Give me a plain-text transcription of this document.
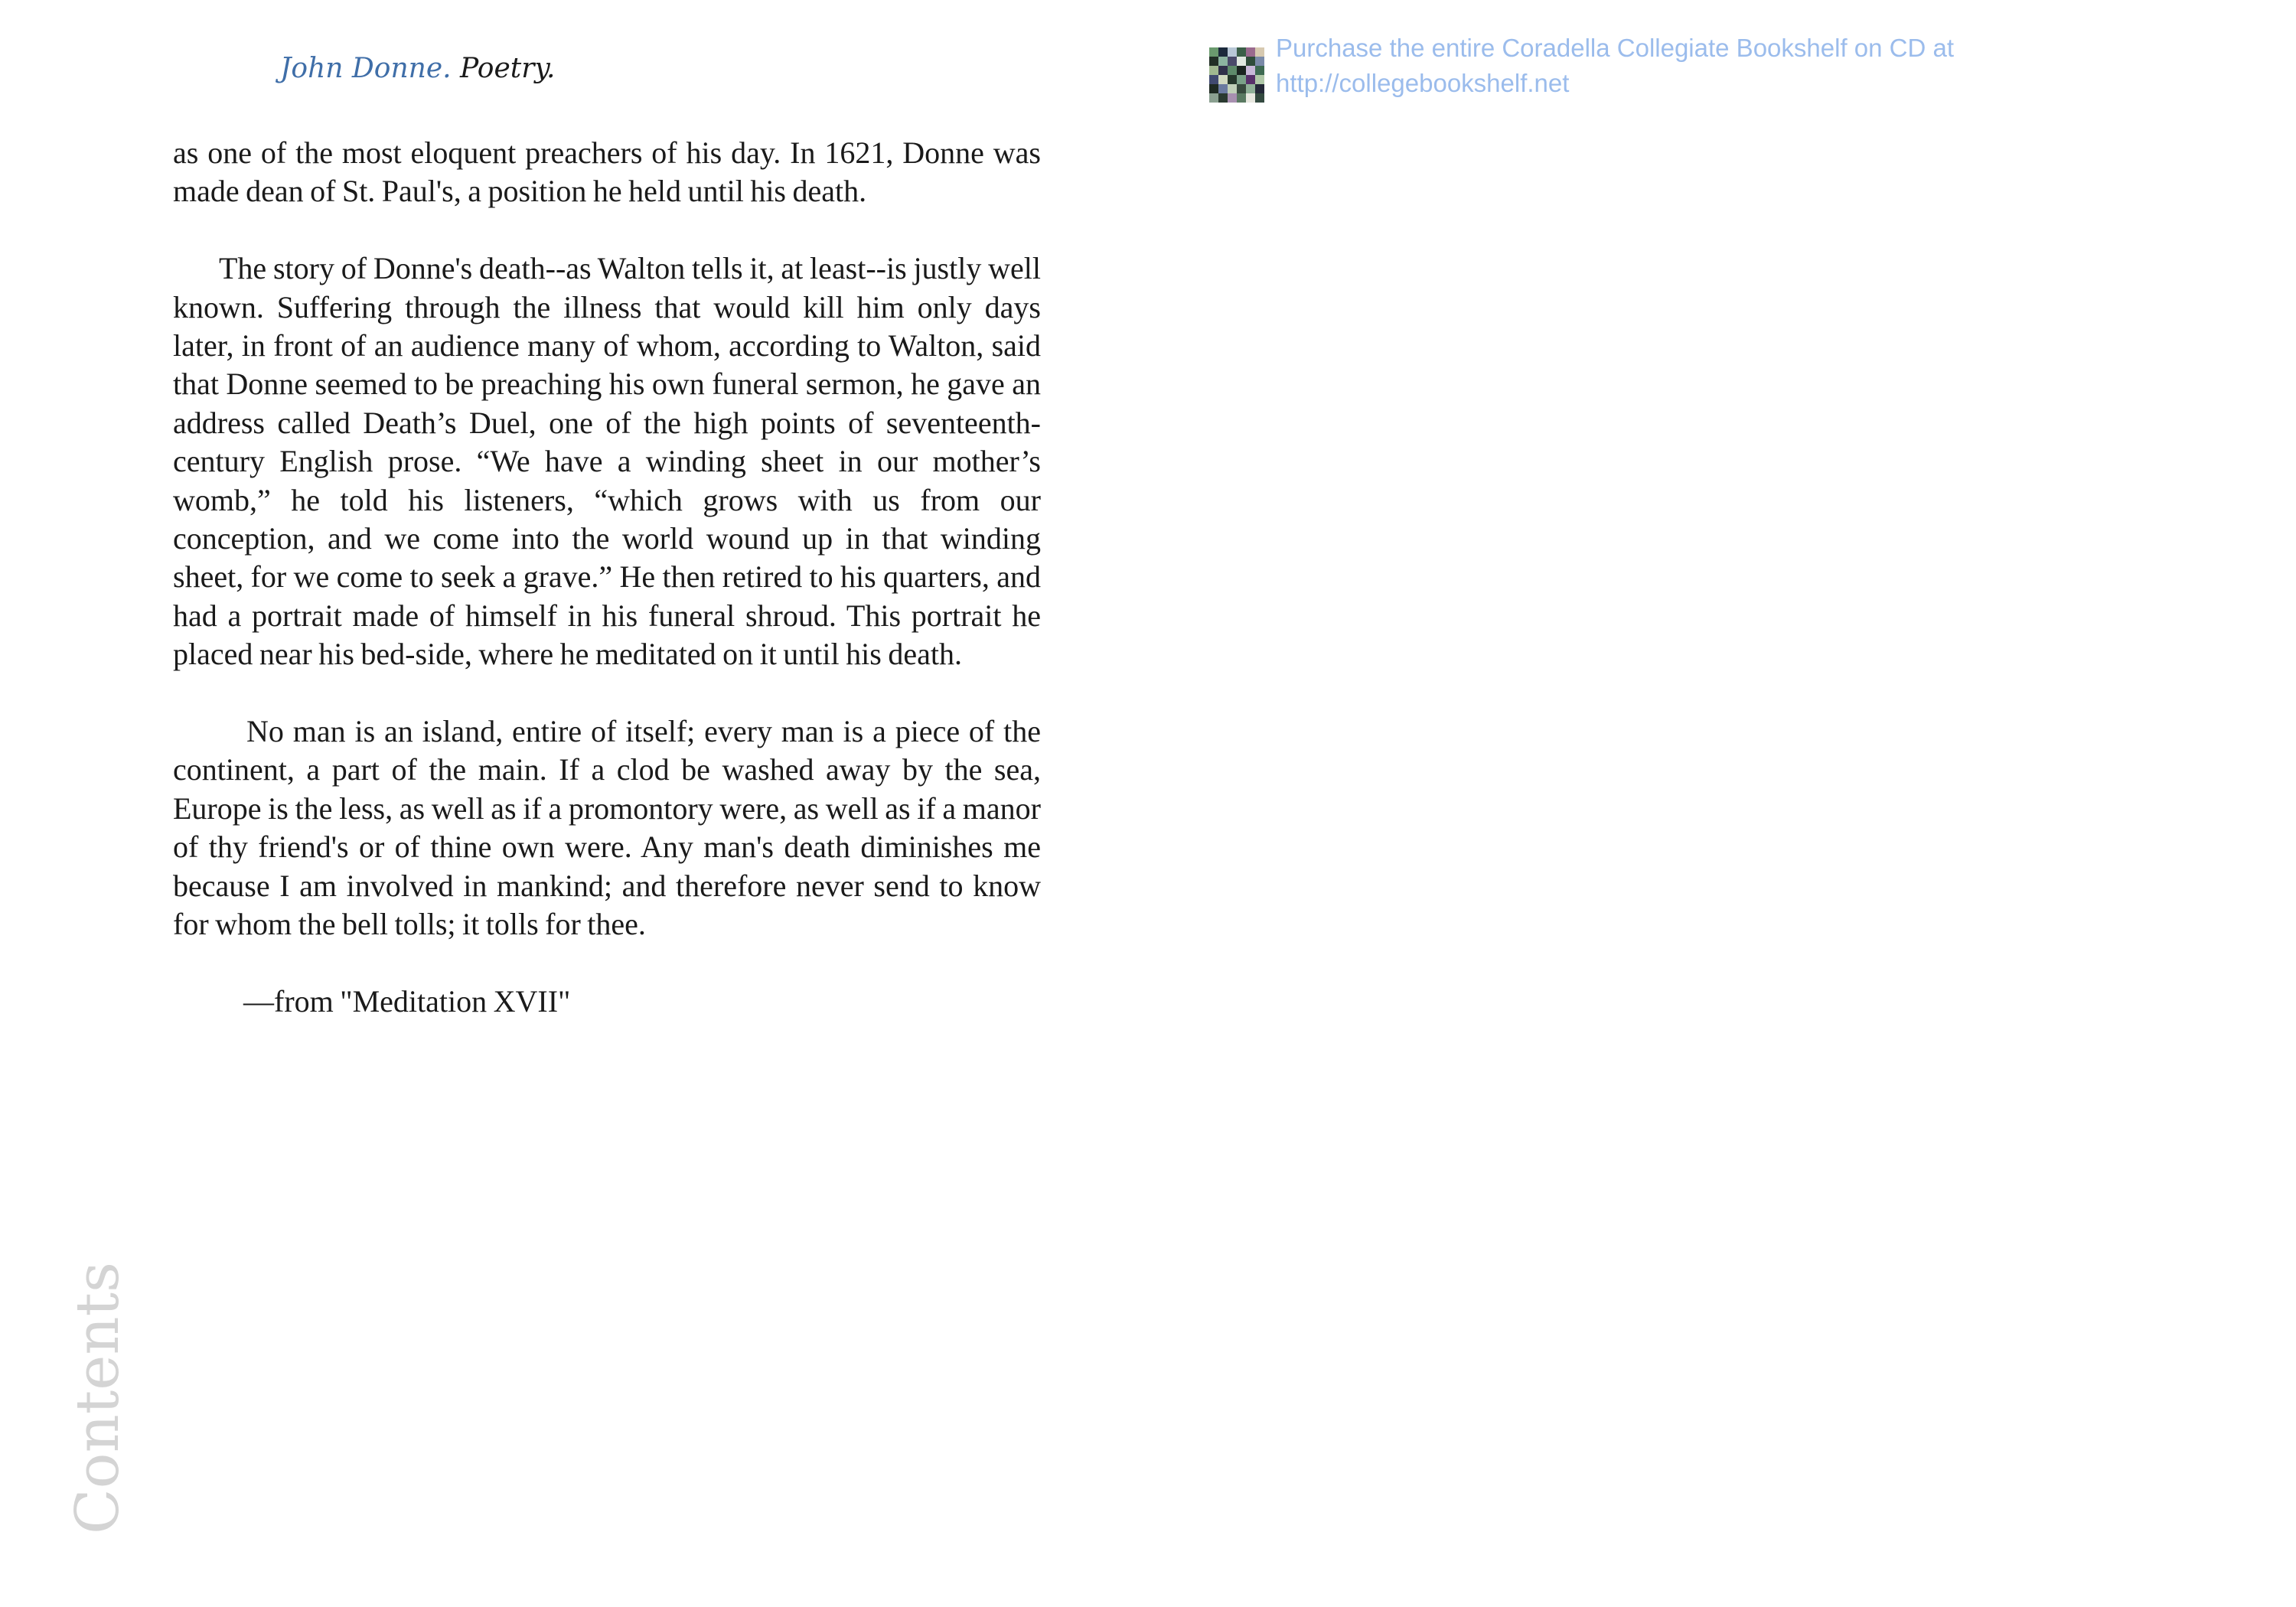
John Donne. Poetry.
Purchase the entire Coradella Collegiate Bookshelf on CD at
http://collegebookshelf.net

as one of the most eloquent preachers of his day. In 1621, Donne was made dean of St. Paul's, a position he held until his death.

The story of Donne's death--as Walton tells it, at least--is justly well known. Suffering through the illness that would kill him only days later, in front of an audience many of whom, according to Walton, said that Donne seemed to be preaching his own funeral sermon, he gave an address called Death’s Duel, one of the high points of seventeenth-century English prose. “We have a winding sheet in our mother’s womb,” he told his listeners, “which grows with us from our conception, and we come into the world wound up in that winding sheet, for we come to seek a grave.” He then retired to his quarters, and had a portrait made of himself in his funeral shroud. This portrait he placed near his bed-side, where he meditated on it until his death.

No man is an island, entire of itself; every man is a piece of the continent, a part of the main. If a clod be washed away by the sea, Europe is the less, as well as if a promontory were, as well as if a manor of thy friend's or of thine own were. Any man's death diminishes me because I am involved in mankind; and therefore never send to know for whom the bell tolls; it tolls for thee.

—from "Meditation XVII"

Contents
